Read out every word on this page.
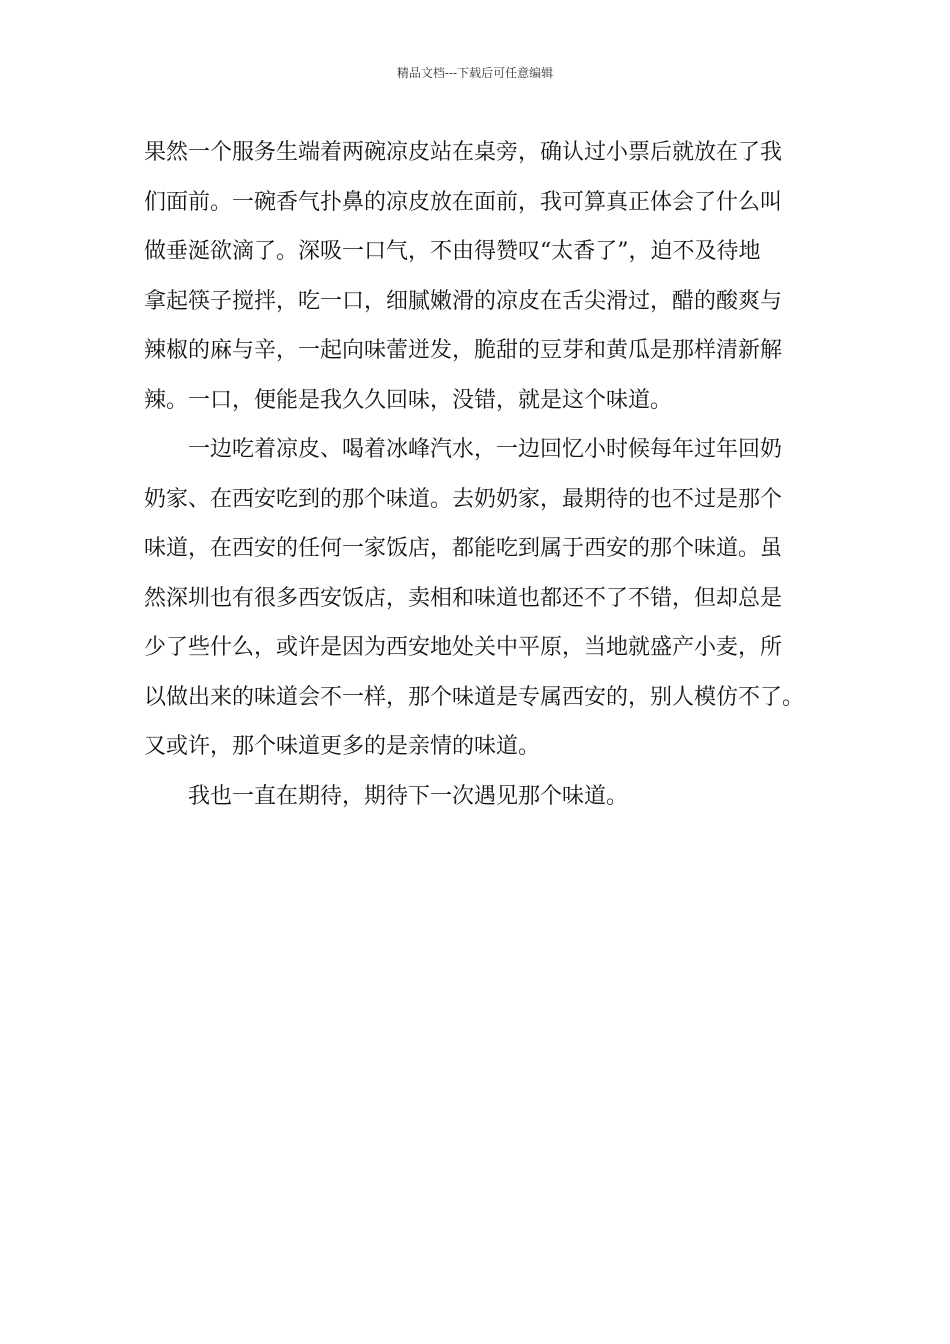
精品文档---下载后可任意编辑
果然一个服务生端着两碗凉皮站在桌旁，确认过小票后就放在了我
们面前。一碗香气扑鼻的凉皮放在面前，我可算真正体会了什么叫
做垂涎欲滴了。深吸一口气，不由得赞叹“太香了”，迫不及待地
拿起筷子搅拌，吃一口，细腻嫩滑的凉皮在舌尖滑过，醋的酸爽与
辣椒的麻与辛，一起向味蕾迸发，脆甜的豆芽和黄瓜是那样清新解
辣。一口，便能是我久久回味，没错，就是这个味道。
　　一边吃着凉皮、喝着冰峰汽水，一边回忆小时候每年过年回奶
奶家、在西安吃到的那个味道。去奶奶家，最期待的也不过是那个
味道，在西安的任何一家饭店，都能吃到属于西安的那个味道。虽
然深圳也有很多西安饭店，卖相和味道也都还不了不错，但却总是
少了些什么，或许是因为西安地处关中平原，当地就盛产小麦，所
以做出来的味道会不一样，那个味道是专属西安的，别人模仿不了。
又或许，那个味道更多的是亲情的味道。
　　我也一直在期待，期待下一次遇见那个味道。
